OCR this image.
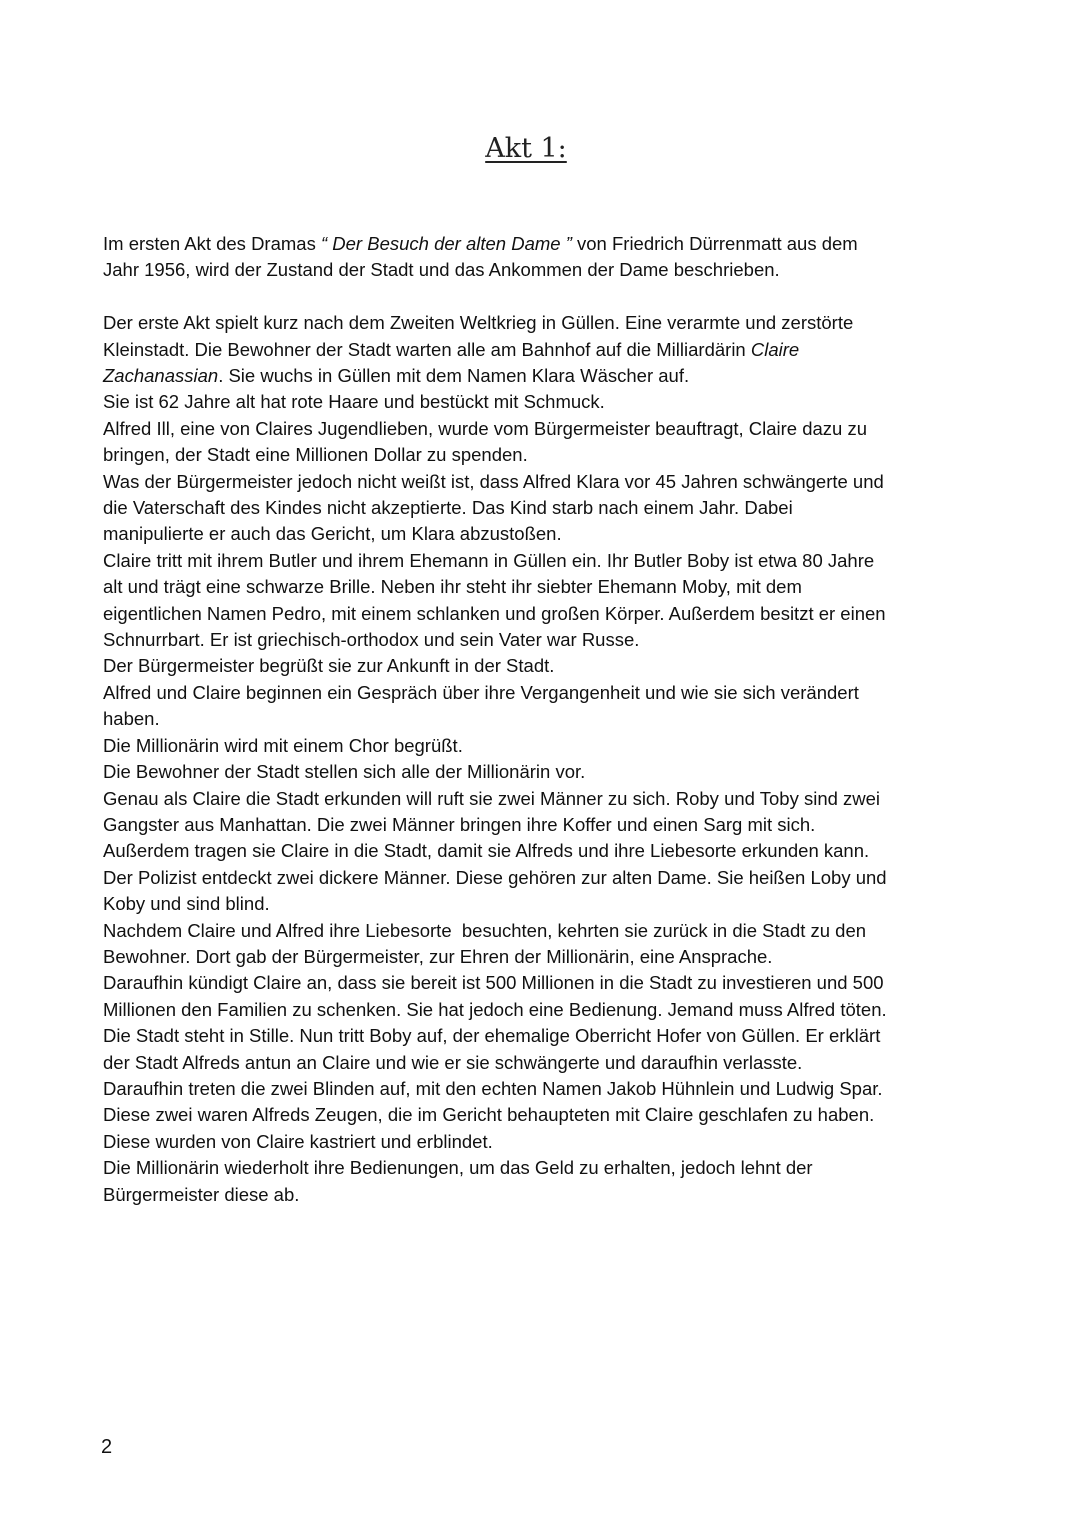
Akt 1:

Im ersten Akt des Dramas “ Der Besuch der alten Dame ” von Friedrich Dürrenmatt aus dem
Jahr 1956, wird der Zustand der Stadt und das Ankommen der Dame beschrieben.

Der erste Akt spielt kurz nach dem Zweiten Weltkrieg in Güllen. Eine verarmte und zerstörte
Kleinstadt. Die Bewohner der Stadt warten alle am Bahnhof auf die Milliardärin Claire
Zachanassian. Sie wuchs in Güllen mit dem Namen Klara Wäscher auf.
Sie ist 62 Jahre alt hat rote Haare und bestückt mit Schmuck.
Alfred Ill, eine von Claires Jugendlieben, wurde vom Bürgermeister beauftragt, Claire dazu zu
bringen, der Stadt eine Millionen Dollar zu spenden.
Was der Bürgermeister jedoch nicht weißt ist, dass Alfred Klara vor 45 Jahren schwängerte und
die Vaterschaft des Kindes nicht akzeptierte. Das Kind starb nach einem Jahr. Dabei
manipulierte er auch das Gericht, um Klara abzustoßen.
Claire tritt mit ihrem Butler und ihrem Ehemann in Güllen ein. Ihr Butler Boby ist etwa 80 Jahre
alt und trägt eine schwarze Brille. Neben ihr steht ihr siebter Ehemann Moby, mit dem
eigentlichen Namen Pedro, mit einem schlanken und großen Körper. Außerdem besitzt er einen
Schnurrbart. Er ist griechisch-orthodox und sein Vater war Russe.
Der Bürgermeister begrüßt sie zur Ankunft in der Stadt.
Alfred und Claire beginnen ein Gespräch über ihre Vergangenheit und wie sie sich verändert
haben.
Die Millionärin wird mit einem Chor begrüßt.
Die Bewohner der Stadt stellen sich alle der Millionärin vor.
Genau als Claire die Stadt erkunden will ruft sie zwei Männer zu sich. Roby und Toby sind zwei
Gangster aus Manhattan. Die zwei Männer bringen ihre Koffer und einen Sarg mit sich.
Außerdem tragen sie Claire in die Stadt, damit sie Alfreds und ihre Liebesorte erkunden kann.
Der Polizist entdeckt zwei dickere Männer. Diese gehören zur alten Dame. Sie heißen Loby und
Koby und sind blind.
Nachdem Claire und Alfred ihre Liebesorte  besuchten, kehrten sie zurück in die Stadt zu den
Bewohner. Dort gab der Bürgermeister, zur Ehren der Millionärin, eine Ansprache.
Daraufhin kündigt Claire an, dass sie bereit ist 500 Millionen in die Stadt zu investieren und 500
Millionen den Familien zu schenken. Sie hat jedoch eine Bedienung. Jemand muss Alfred töten.
Die Stadt steht in Stille. Nun tritt Boby auf, der ehemalige Oberricht Hofer von Güllen. Er erklärt
der Stadt Alfreds antun an Claire und wie er sie schwängerte und daraufhin verlasste.
Daraufhin treten die zwei Blinden auf, mit den echten Namen Jakob Hühnlein und Ludwig Spar.
Diese zwei waren Alfreds Zeugen, die im Gericht behaupteten mit Claire geschlafen zu haben.
Diese wurden von Claire kastriert und erblindet.
Die Millionärin wiederholt ihre Bedienungen, um das Geld zu erhalten, jedoch lehnt der
Bürgermeister diese ab.

2
